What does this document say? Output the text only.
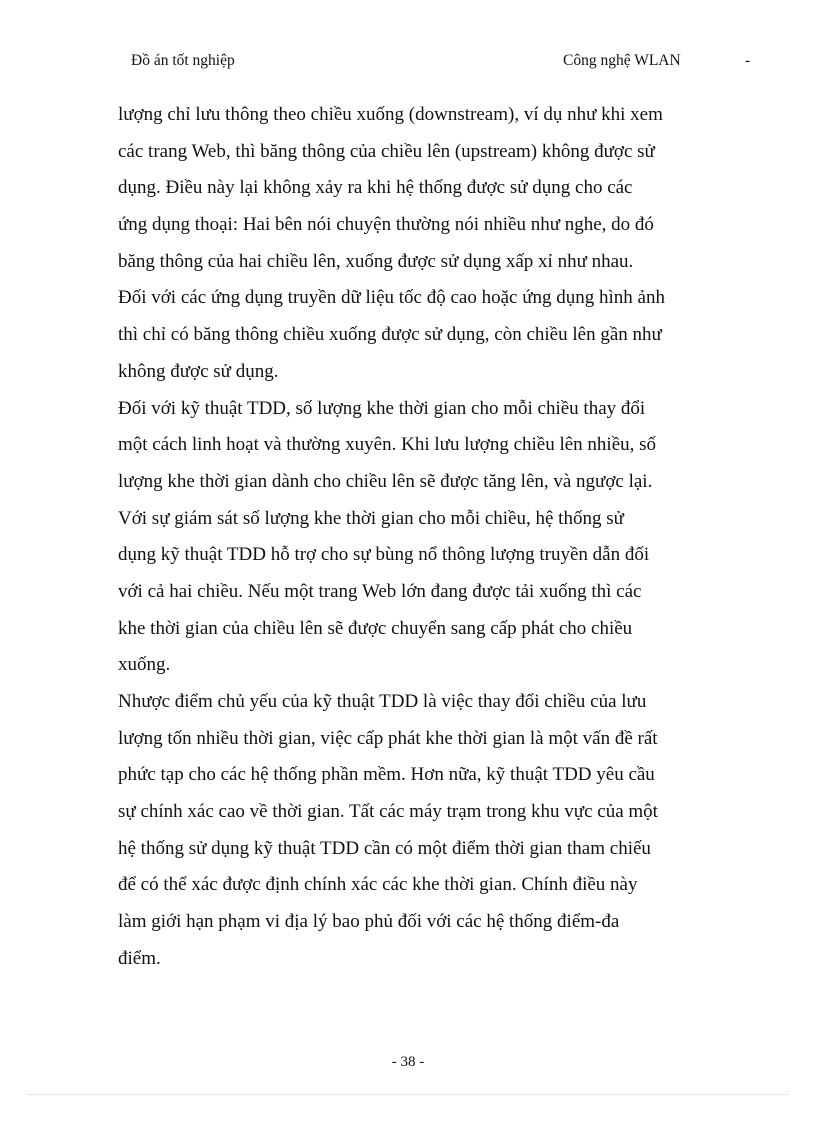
Đồ án tốt nghiệp	Công nghệ WLAN	-
lượng chỉ lưu thông theo chiều xuống (downstream), ví dụ như khi xem
các trang Web, thì băng thông của chiều lên (upstream) không được sử
dụng. Điều này lại không xảy ra khi hệ thống được sử dụng cho các
ứng dụng thoại: Hai bên nói chuyện thường nói nhiều như nghe, do đó
băng thông của hai chiều lên, xuống được sử dụng xấp xỉ như nhau.
Đối với các ứng dụng truyền dữ liệu tốc độ cao hoặc ứng dụng hình ảnh
thì chỉ có băng thông chiều xuống được sử dụng, còn chiều lên gần như
không được sử dụng.
Đối với kỹ thuật TDD, số lượng khe thời gian cho mỗi chiều thay đổi
một cách linh hoạt và thường xuyên. Khi lưu lượng chiều lên nhiều, số
lượng khe thời gian dành cho chiều lên sẽ được tăng lên, và ngược lại.
Với sự giám sát số lượng khe thời gian cho mỗi chiều, hệ thống sử
dụng kỹ thuật TDD hỗ trợ cho sự bùng nổ thông lượng truyền dẫn đối
với cả hai chiều. Nếu một trang Web lớn đang được tải xuống thì các
khe thời gian của chiều lên sẽ được chuyển sang cấp phát cho chiều
xuống.
Nhược điểm chủ yếu của kỹ thuật TDD là việc thay đổi chiều của lưu
lượng tốn nhiều thời gian, việc cấp phát khe thời gian là một vấn đề rất
phức tạp cho các hệ thống phần mềm. Hơn nữa, kỹ thuật TDD yêu cầu
sự chính xác cao về thời gian. Tất các máy trạm trong khu vực của một
hệ thống sử dụng kỹ thuật TDD cần có một điểm thời gian tham chiếu
để có thể xác được định chính xác các khe thời gian. Chính điều này
làm giới hạn phạm vi địa lý bao phủ đối với các hệ thống điểm-đa
điểm.
- 38 -
